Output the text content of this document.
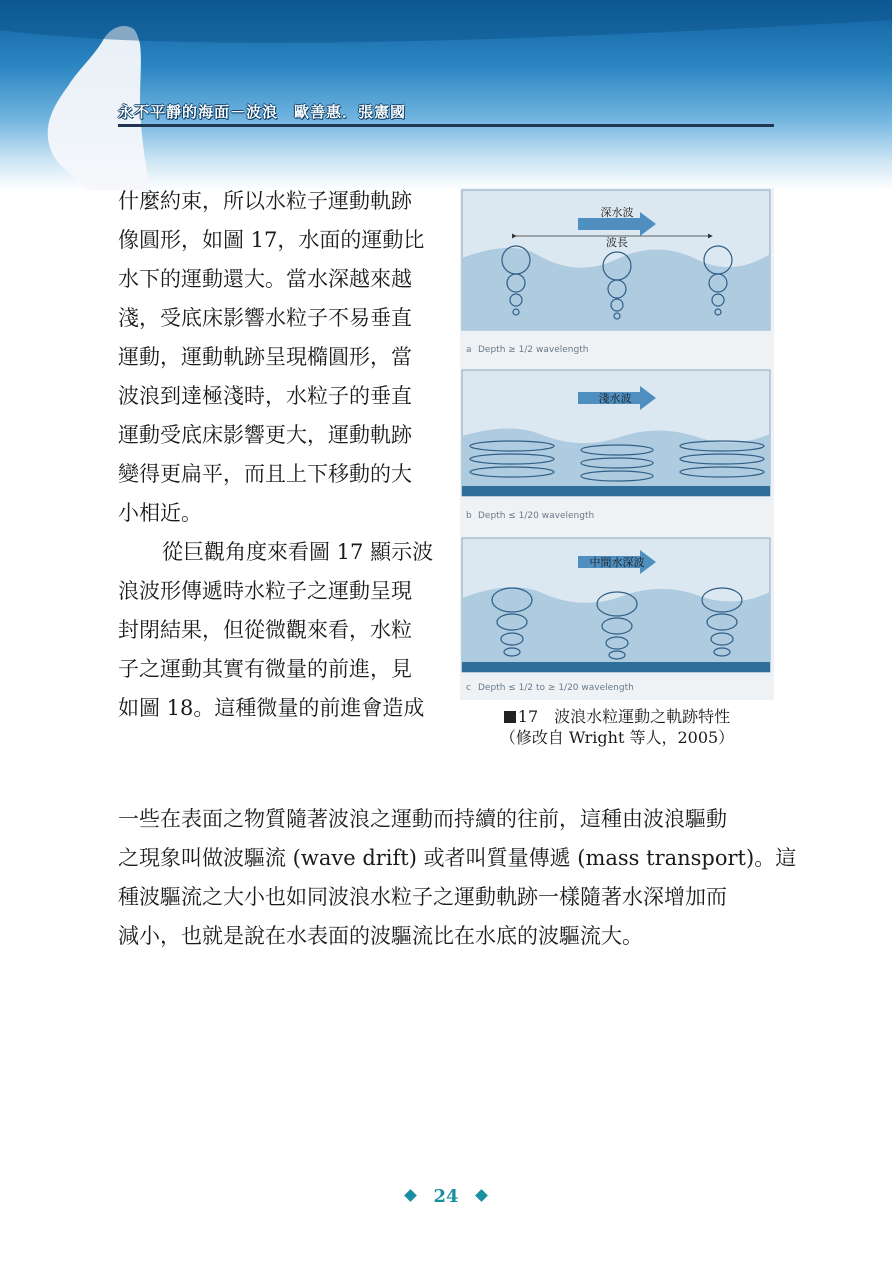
永不平靜的海面－波浪　歐善惠．張憲國
什麼約束，所以水粒子運動軌跡
像圓形，如圖 17，水面的運動比
水下的運動還大。當水深越來越
淺，受底床影響水粒子不易垂直
運動，運動軌跡呈現橢圓形，當
波浪到達極淺時，水粒子的垂直
運動受底床影響更大，運動軌跡
變得更扁平，而且上下移動的大
小相近。
從巨觀角度來看圖 17 顯示波
浪波形傳遞時水粒子之運動呈現
封閉結果，但從微觀來看，水粒
子之運動其實有微量的前進，見
如圖 18。這種微量的前進會造成
一些在表面之物質隨著波浪之運動而持續的往前，這種由波浪驅動
之現象叫做波驅流 (wave drift) 或者叫質量傳遞 (mass transport)。這
種波驅流之大小也如同波浪水粒子之運動軌跡一樣隨著水深增加而
減小，也就是說在水表面的波驅流比在水底的波驅流大。
深水波
波長
a Depth ≥ 1/2 wavelength
淺水波
b Depth ≤ 1/20 wavelength
中間水深波
c Depth ≤ 1/2 to ≥ 1/20 wavelength
17　 波浪水粒運動之軌跡特性
（修改自 Wright 等人，2005）
24
